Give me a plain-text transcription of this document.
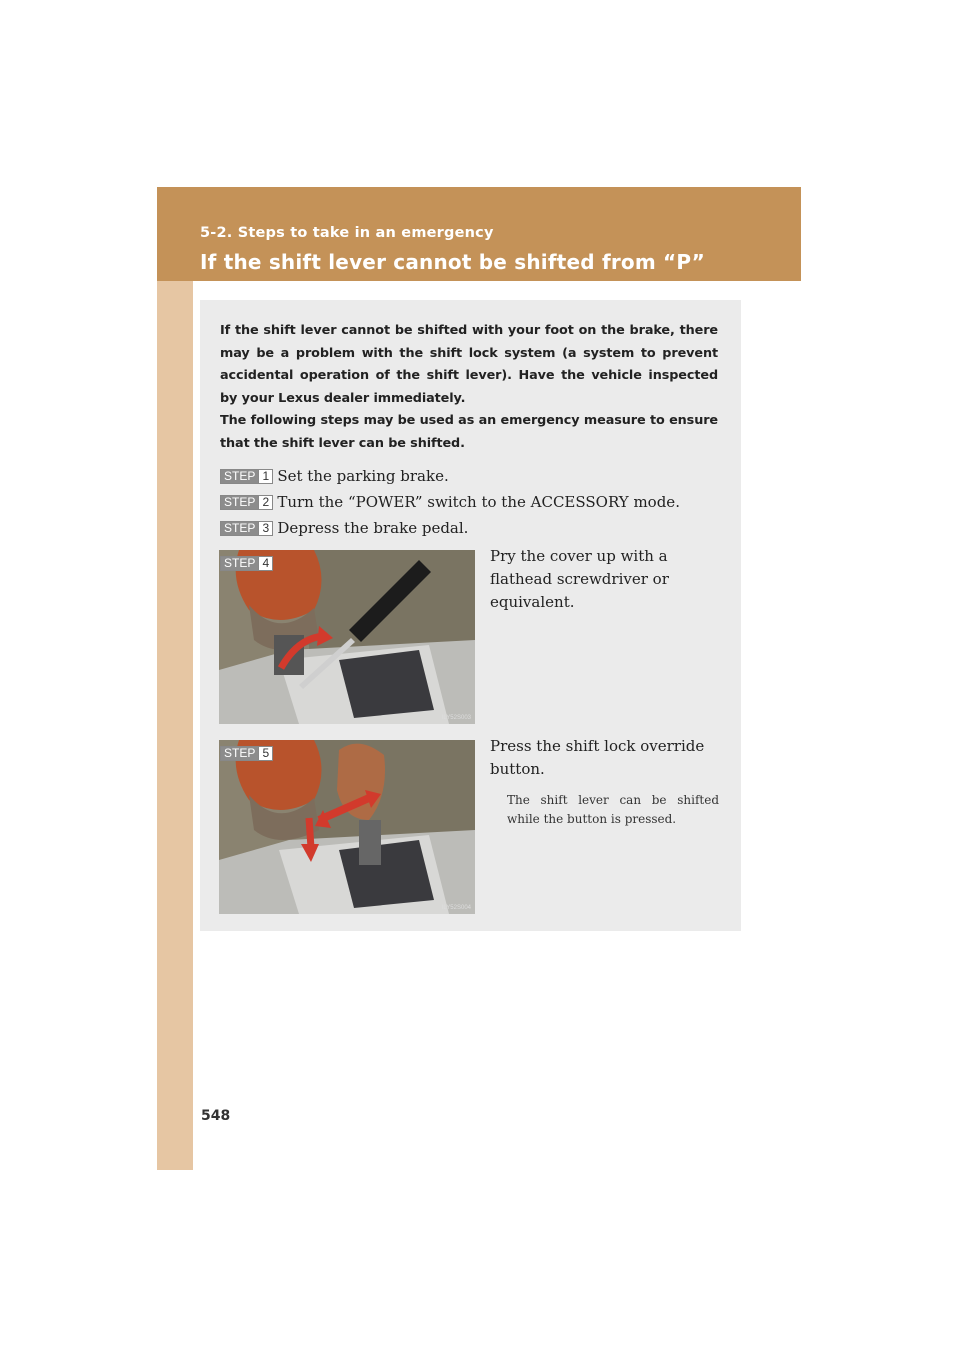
5-2. Steps to take in an emergency
If the shift lever cannot be shifted from “P”
If the shift lever cannot be shifted with your foot on the brake, there may be a problem with the shift lock system (a system to prevent accidental operation of the shift lever). Have the vehicle inspected by your Lexus dealer immediately.
The following steps may be used as an emergency measure to ensure that the shift lever can be shifted.
STEP 1 Set the parking brake.
STEP 2 Turn the “POWER” switch to the ACCESSORY mode.
STEP 3 Depress the brake pedal.
STEP 4
ILY52S003
Pry the cover up with a flathead screwdriver or equivalent.
STEP 5
ILY52S004
Press the shift lock override button.
The shift lever can be shifted while the button is pressed.
548
